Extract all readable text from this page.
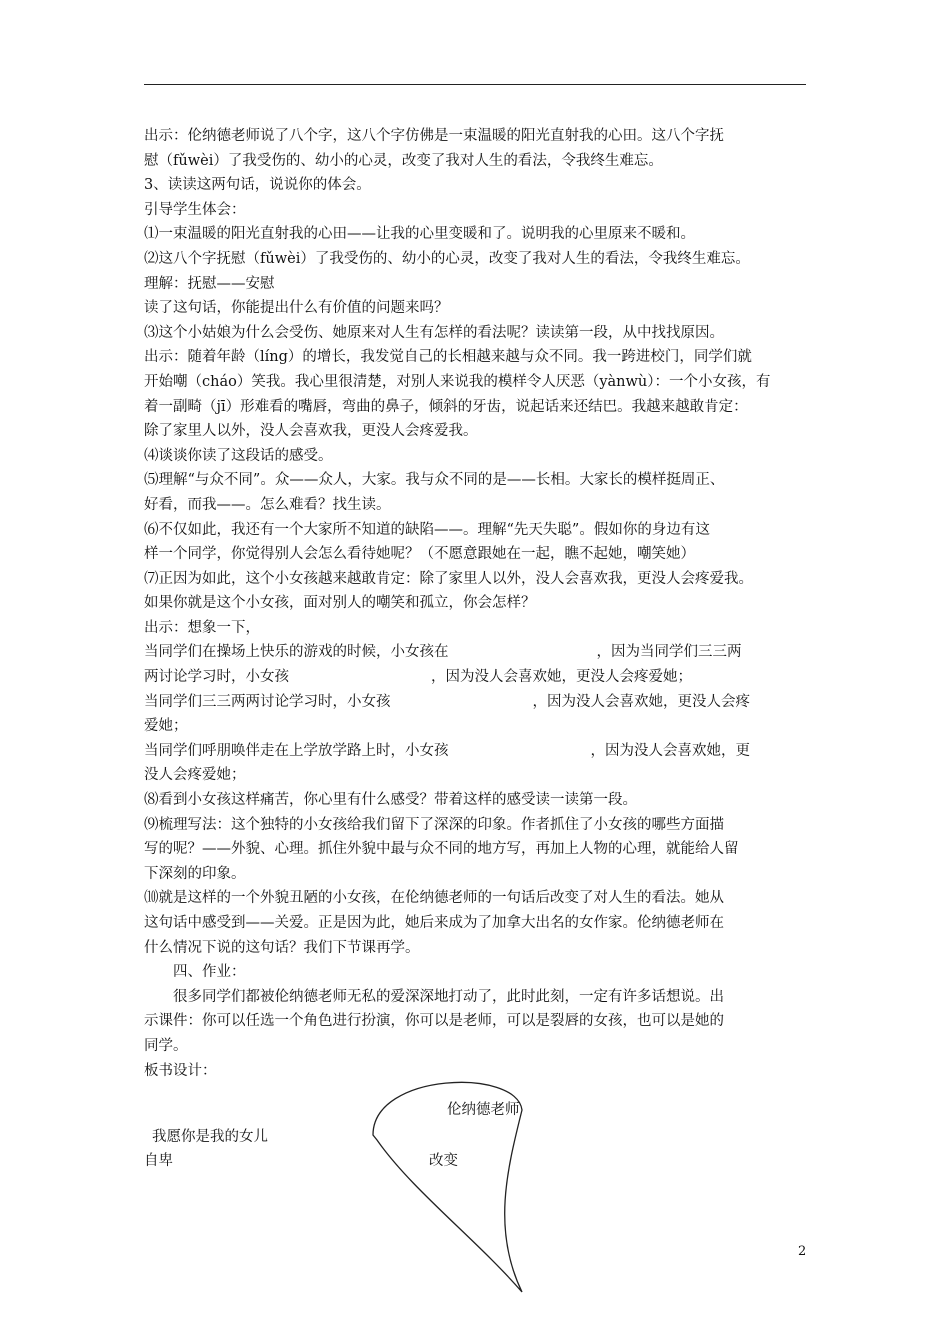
出示：伦纳德老师说了八个字，这八个字仿佛是一束温暖的阳光直射我的心田。这八个字抚

慰（fǔwèi）了我受伤的、幼小的心灵，改变了我对人生的看法，令我终生难忘。

3、读读这两句话，说说你的体会。

引导学生体会：

⑴一束温暖的阳光直射我的心田——让我的心里变暖和了。说明我的心里原来不暖和。

⑵这八个字抚慰（fǔwèi）了我受伤的、幼小的心灵，改变了我对人生的看法，令我终生难忘。

理解：抚慰——安慰

读了这句话，你能提出什么有价值的问题来吗？

⑶这个小姑娘为什么会受伤、她原来对人生有怎样的看法呢？读读第一段，从中找找原因。

出示：随着年龄（líng）的增长，我发觉自己的长相越来越与众不同。我一跨进校门，同学们就

开始嘲（cháo）笑我。我心里很清楚，对别人来说我的模样令人厌恶（yànwù）：一个小女孩，有

着一副畸（jī）形难看的嘴唇，弯曲的鼻子，倾斜的牙齿，说起话来还结巴。我越来越敢肯定：

除了家里人以外，没人会喜欢我，更没人会疼爱我。

⑷谈谈你读了这段话的感受。

⑸理解“与众不同”。众——众人，大家。我与众不同的是——长相。大家长的模样挺周正、

好看，而我——。怎么难看？找生读。

⑹不仅如此，我还有一个大家所不知道的缺陷——。理解“先天失聪”。假如你的身边有这

样一个同学，你觉得别人会怎么看待她呢？（不愿意跟她在一起，瞧不起她，嘲笑她）

⑺正因为如此，这个小女孩越来越敢肯定：除了家里人以外，没人会喜欢我，更没人会疼爱我。

如果你就是这个小女孩，面对别人的嘲笑和孤立，你会怎样？

出示：想象一下，

当同学们在操场上快乐的游戏的时候，小女孩在	，因为当同学们三三两

两讨论学习时，小女孩	，因为没人会喜欢她，更没人会疼爱她；

当同学们三三两两讨论学习时，小女孩	，因为没人会喜欢她，更没人会疼

爱她；

当同学们呼朋唤伴走在上学放学路上时，小女孩	，因为没人会喜欢她，更

没人会疼爱她；

⑻看到小女孩这样痛苦，你心里有什么感受？带着这样的感受读一读第一段。

⑼梳理写法：这个独特的小女孩给我们留下了深深的印象。作者抓住了小女孩的哪些方面描

写的呢？——外貌、心理。抓住外貌中最与众不同的地方写，再加上人物的心理，就能给人留

下深刻的印象。

⑽就是这样的一个外貌丑陋的小女孩，在伦纳德老师的一句话后改变了对人生的看法。她从

这句话中感受到——关爱。正是因为此，她后来成为了加拿大出名的女作家。伦纳德老师在

什么情况下说的这句话？我们下节课再学。

四、作业：

很多同学们都被伦纳德老师无私的爱深深地打动了，此时此刻，一定有许多话想说。出

示课件：你可以任选一个角色进行扮演，你可以是老师，可以是裂唇的女孩，也可以是她的

同学。

板书设计：

伦纳德老师
我愿你是我的女儿
自卑	改变
2
